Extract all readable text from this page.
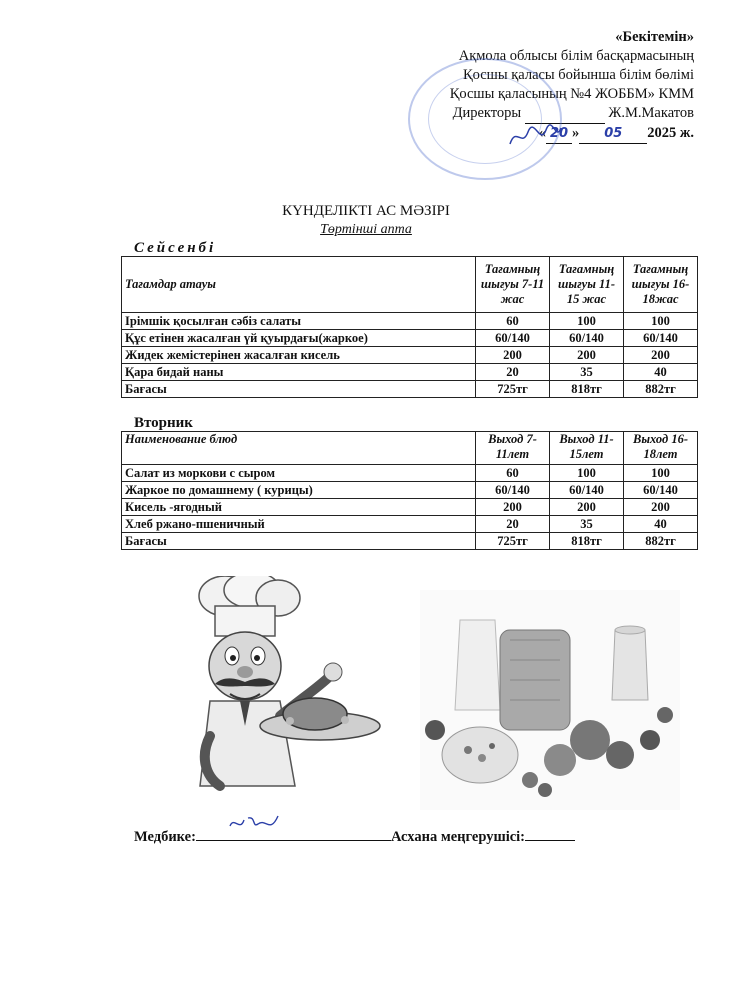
«Бекітемін»
Ақмола облысы білім басқармасының
Қосшы қаласы бойынша білім бөлімі
Қосшы қаласының №4 ЖОББМ» КММ
Директоры	Ж.М.Макатов
« 20 » 05 2025 ж.
КҮНДЕЛІКТІ АС МӘЗІРІ
Төртінші апта
Сейсенбі
Тағамдар атауы	Тағамның шығуы 7-11 жас	Тағамның шығуы 11-15 жас	Тағамның шығуы 16-18жас
Ірімшік қосылған сәбіз салаты	60	100	100
Құс етінен жасалған үй қуырдағы(жаркое)	60/140	60/140	60/140
Жидек жемістерінен жасалған кисель	200	200	200
Қара бидай наны	20	35	40
Бағасы	725тг	818тг	882тг
Вторник
Наименование блюд	Выход 7-11лет	Выход 11-15лет	Выход 16-18лет
Салат из моркови с сыром	60	100	100
Жаркое по домашнему ( курицы)	60/140	60/140	60/140
Кисель -ягодный	200	200	200
Хлеб ржано-пшеничный	20	35	40
Бағасы	725тг	818тг	882тг
Медбике:	Асхана меңгерушісі:
